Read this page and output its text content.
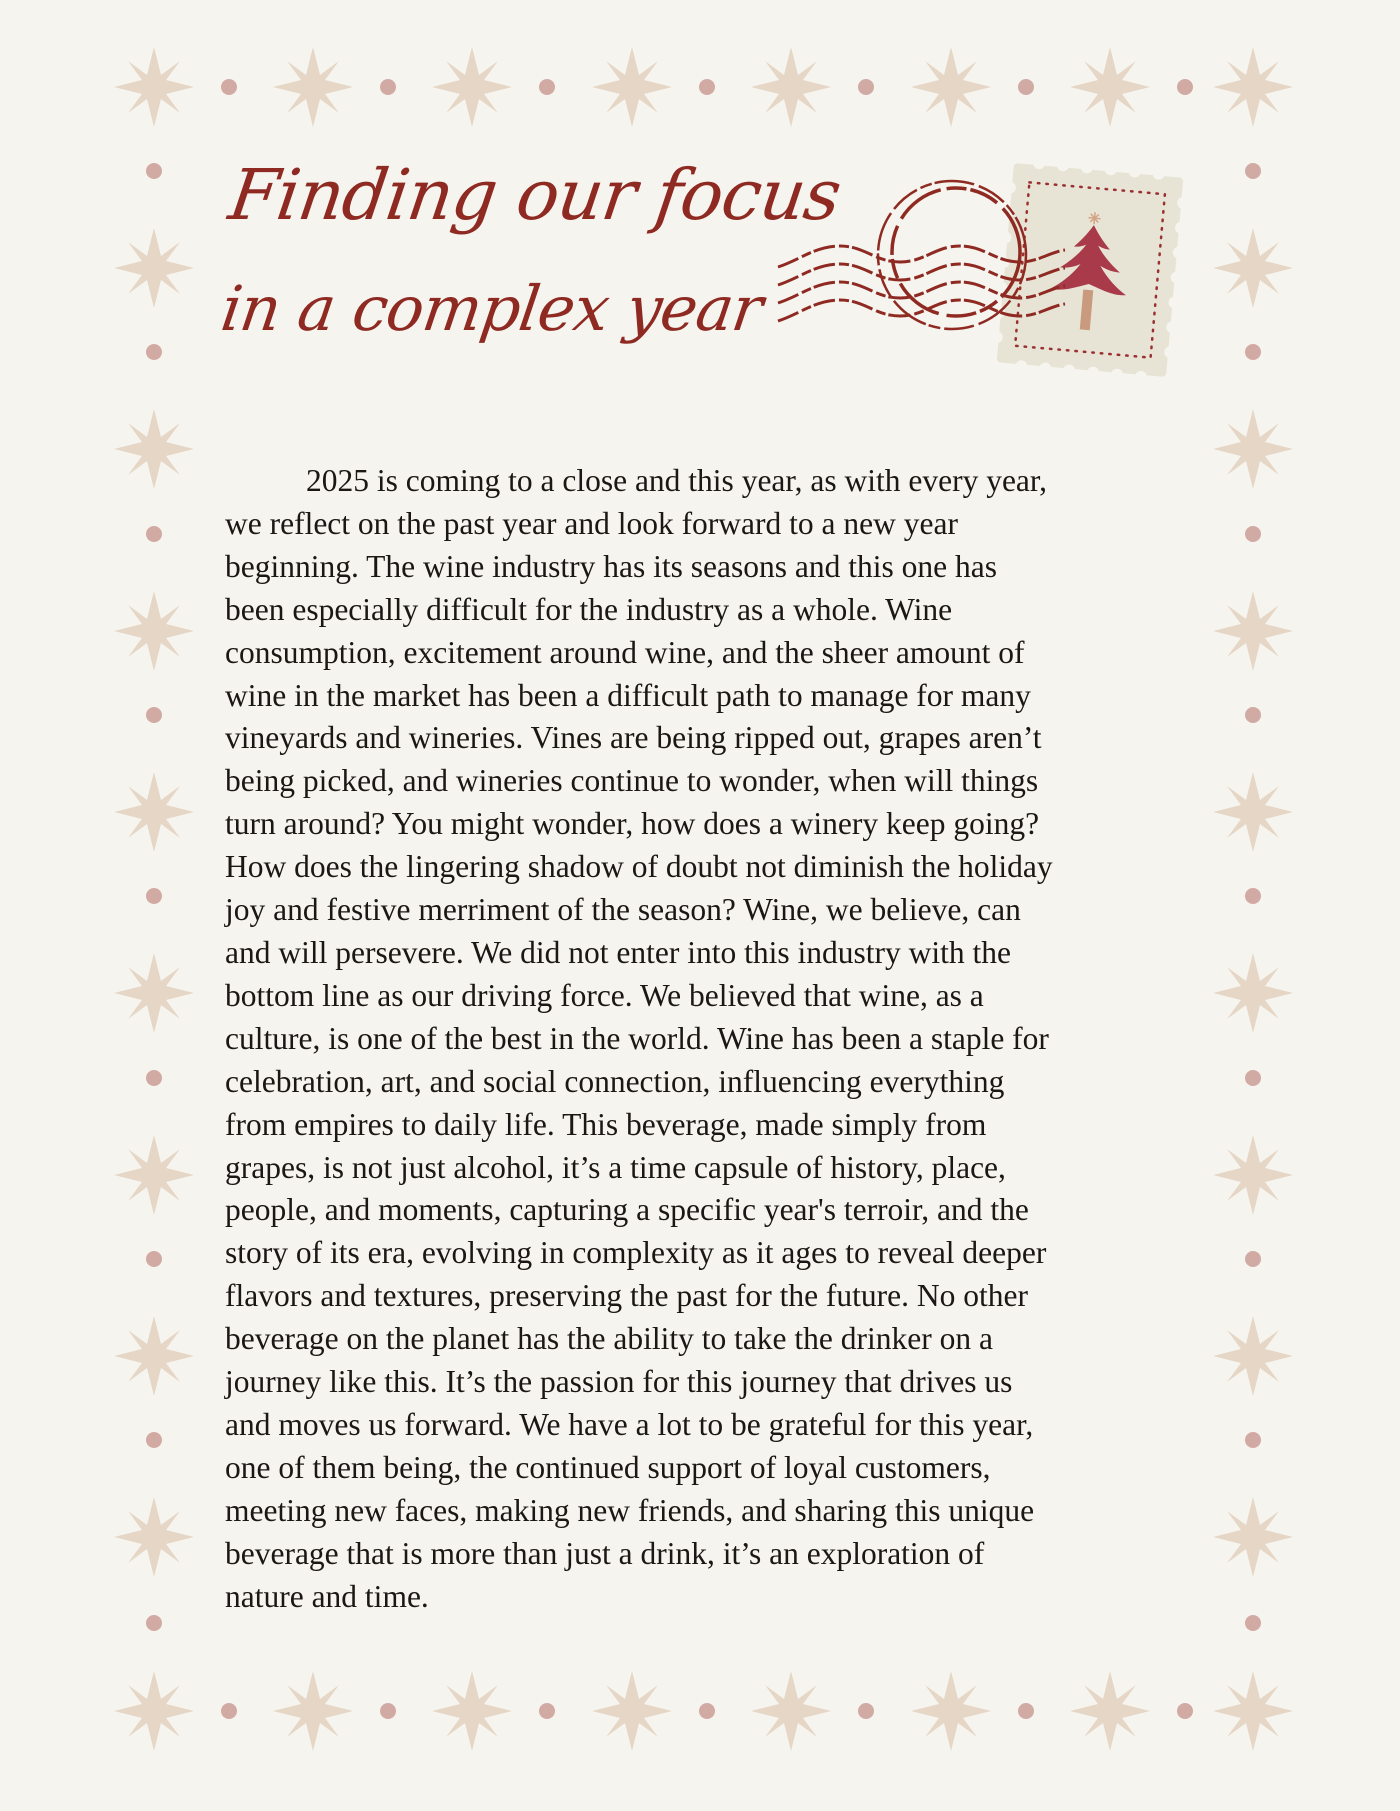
Finding our focus
in a complex year
2025 is coming to a close and this year, as with every year,
we reflect on the past year and look forward to a new year
beginning. The wine industry has its seasons and this one has
been especially difficult for the industry as a whole. Wine
consumption, excitement around wine, and the sheer amount of
wine in the market has been a difficult path to manage for many
vineyards and wineries. Vines are being ripped out, grapes aren’t
being picked, and wineries continue to wonder, when will things
turn around? You might wonder, how does a winery keep going?
How does the lingering shadow of doubt not diminish the holiday
joy and festive merriment of the season? Wine, we believe, can
and will persevere. We did not enter into this industry with the
bottom line as our driving force. We believed that wine, as a
culture, is one of the best in the world. Wine has been a staple for
celebration, art, and social connection, influencing everything
from empires to daily life. This beverage, made simply from
grapes, is not just alcohol, it’s a time capsule of history, place,
people, and moments, capturing a specific year's terroir, and the
story of its era, evolving in complexity as it ages to reveal deeper
flavors and textures, preserving the past for the future. No other
beverage on the planet has the ability to take the drinker on a
journey like this. It’s the passion for this journey that drives us
and moves us forward. We have a lot to be grateful for this year,
one of them being, the continued support of loyal customers,
meeting new faces, making new friends, and sharing this unique
beverage that is more than just a drink, it’s an exploration of
nature and time.
